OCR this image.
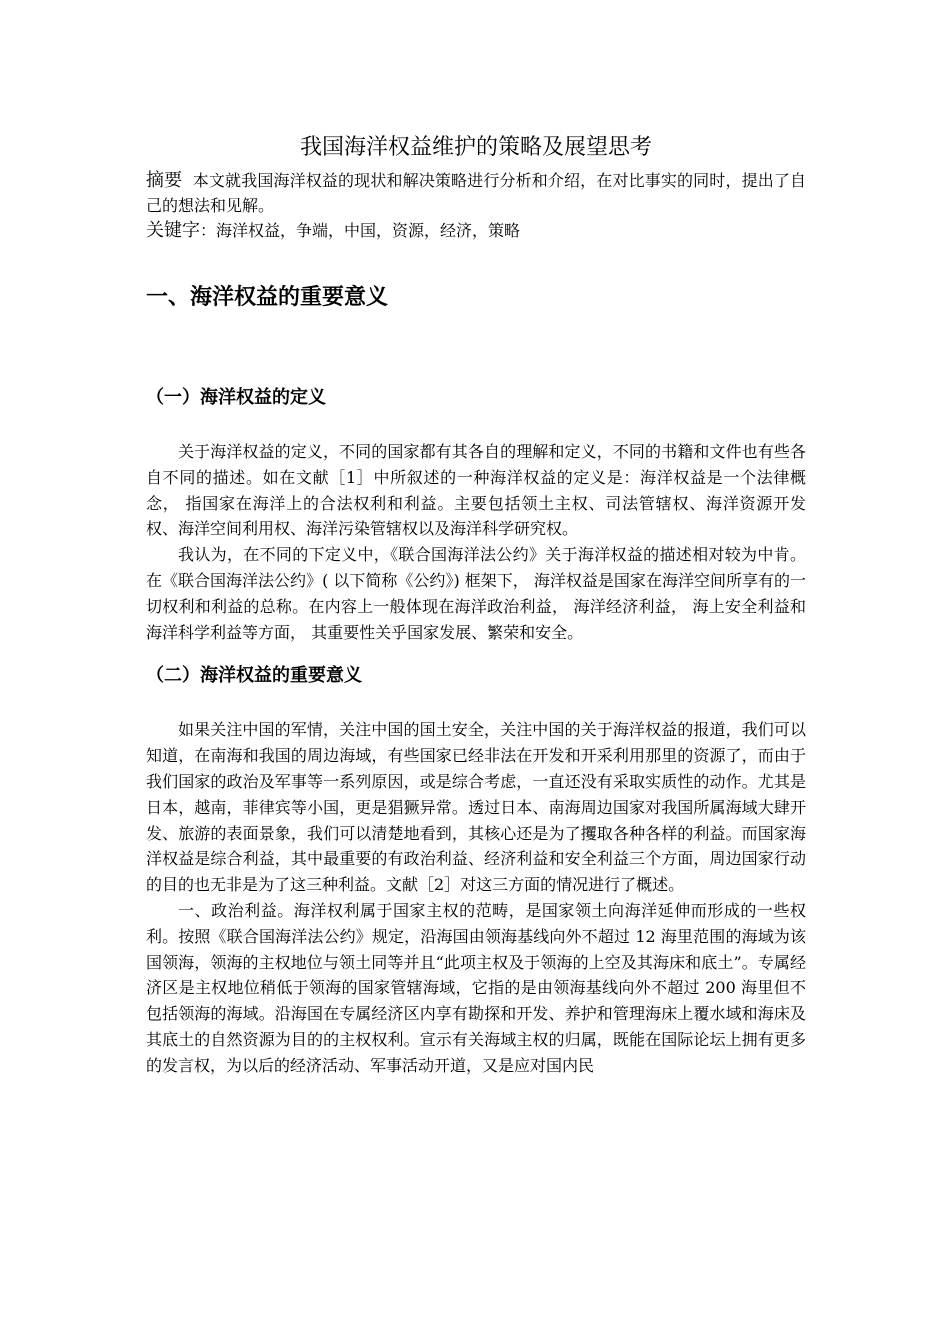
我国海洋权益维护的策略及展望思考

摘要 本文就我国海洋权益的现状和解决策略进行分析和介绍，在对比事实的同时，提出了自己的想法和见解。

关键字：海洋权益，争端，中国，资源，经济，策略

一、海洋权益的重要意义
（一）海洋权益的定义

关于海洋权益的定义，不同的国家都有其各自的理解和定义，不同的书籍和文件也有些各自不同的描述。如在文献［1］中所叙述的一种海洋权益的定义是：海洋权益是一个法律概念， 指国家在海洋上的合法权利和利益。主要包括领土主权、司法管辖权、海洋资源开发权、海洋空间利用权、海洋污染管辖权以及海洋科学研究权。

我认为，在不同的下定义中，《联合国海洋法公约》关于海洋权益的描述相对较为中肯。在《联合国海洋法公约》( 以下简称《公约》) 框架下， 海洋权益是国家在海洋空间所享有的一切权利和利益的总称。在内容上一般体现在海洋政治利益， 海洋经济利益， 海上安全利益和海洋科学利益等方面， 其重要性关乎国家发展、繁荣和安全。

（二）海洋权益的重要意义

如果关注中国的军情，关注中国的国土安全，关注中国的关于海洋权益的报道，我们可以知道，在南海和我国的周边海域，有些国家已经非法在开发和开采利用那里的资源了，而由于我们国家的政治及军事等一系列原因，或是综合考虑，一直还没有采取实质性的动作。尤其是日本，越南，菲律宾等小国，更是猖獗异常。透过日本、南海周边国家对我国所属海域大肆开发、旅游的表面景象，我们可以清楚地看到，其核心还是为了攫取各种各样的利益。而国家海洋权益是综合利益，其中最重要的有政治利益、经济利益和安全利益三个方面，周边国家行动的目的也无非是为了这三种利益。文献［2］对这三方面的情况进行了概述。

一、政治利益。海洋权利属于国家主权的范畴，是国家领土向海洋延伸而形成的一些权利。按照《联合国海洋法公约》规定，沿海国由领海基线向外不超过 12 海里范围的海域为该国领海，领海的主权地位与领土同等并且“此项主权及于领海的上空及其海床和底土”。专属经济区是主权地位稍低于领海的国家管辖海域，它指的是由领海基线向外不超过 200 海里但不包括领海的海域。沿海国在专属经济区内享有勘探和开发、养护和管理海床上覆水域和海床及其底土的自然资源为目的的主权权利。宣示有关海域主权的归属，既能在国际论坛上拥有更多的发言权，为以后的经济活动、军事活动开道，又是应对国内民
